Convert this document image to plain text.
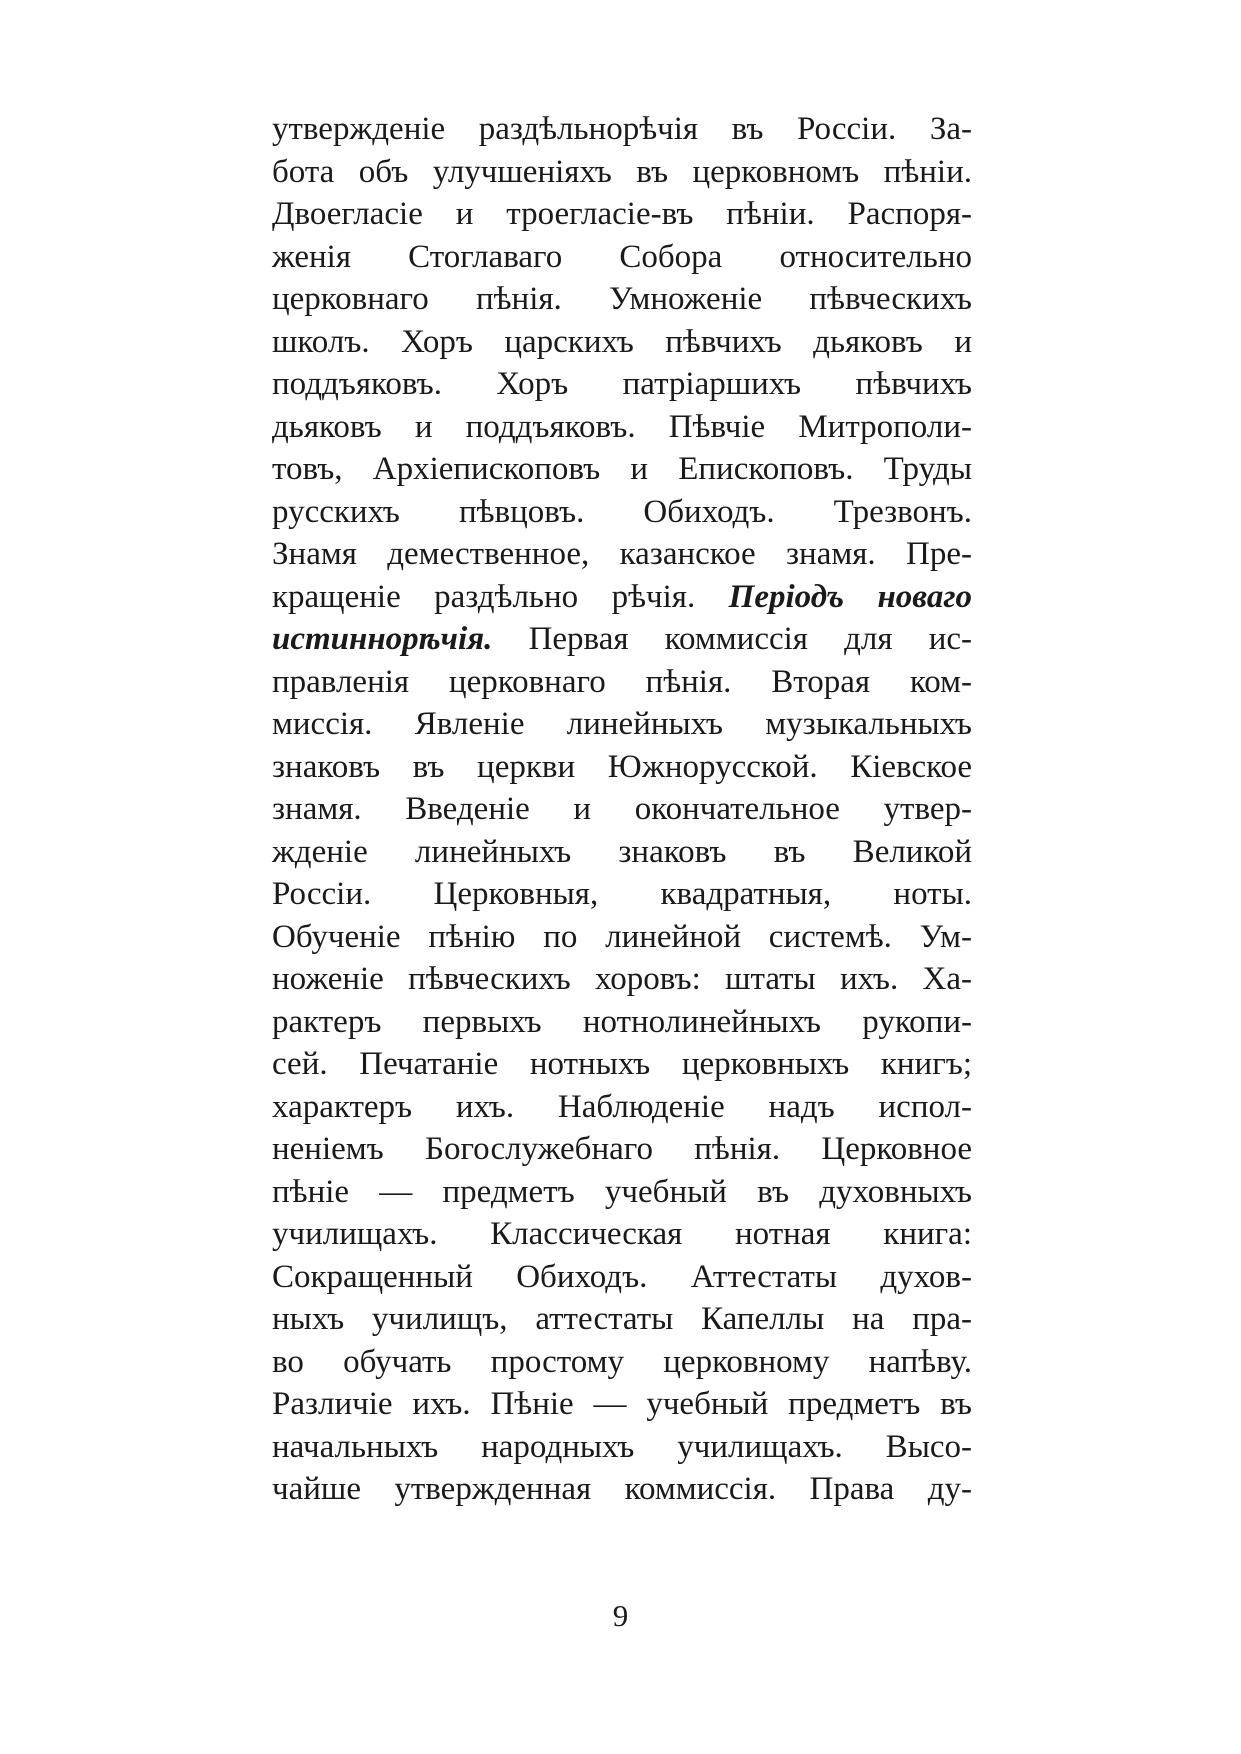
утвержденіе раздѣльнорѣчія въ Россіи. За-
бота объ улучшеніяхъ въ церковномъ пѣніи.
Двоегласіе и троегласіе-въ пѣніи. Распоря-
женія Стоглаваго Собора относительно
церковнаго пѣнія. Умноженіе пѣвческихъ
школъ. Хоръ царскихъ пѣвчихъ дьяковъ и
поддъяковъ. Хоръ патріаршихъ пѣвчихъ
дьяковъ и поддъяковъ. Пѣвчіе Митрополи-
товъ, Архіепископовъ и Епископовъ. Труды
русскихъ пѣвцовъ. Обиходъ. Трезвонъ.
Знамя демественное, казанское знамя. Пре-
кращеніе раздѣльно рѣчія. Періодъ новаго
истиннорѣчія. Первая коммиссія для ис-
правленія церковнаго пѣнія. Вторая ком-
миссія. Явленіе линейныхъ музыкальныхъ
знаковъ въ церкви Южнорусской. Кіевское
знамя. Введеніе и окончательное утвер-
жденіе линейныхъ знаковъ въ Великой
Россіи. Церковныя, квадратныя, ноты.
Обученіе пѣнію по линейной системѣ. Ум-
ноженіе пѣвческихъ хоровъ: штаты ихъ. Ха-
рактеръ первыхъ нотнолинейныхъ рукопи-
сей. Печатаніе нотныхъ церковныхъ книгъ;
характеръ ихъ. Наблюденіе надъ испол-
неніемъ Богослужебнаго пѣнія. Церковное
пѣніе — предметъ учебный въ духовныхъ
училищахъ. Классическая нотная книга:
Сокращенный Обиходъ. Аттестаты духов-
ныхъ училищъ, аттестаты Капеллы на пра-
во обучать простому церковному напѣву.
Различіе ихъ. Пѣніе — учебный предметъ въ
начальныхъ народныхъ училищахъ. Высо-
чайше утвержденная коммиссія. Права ду-
9
